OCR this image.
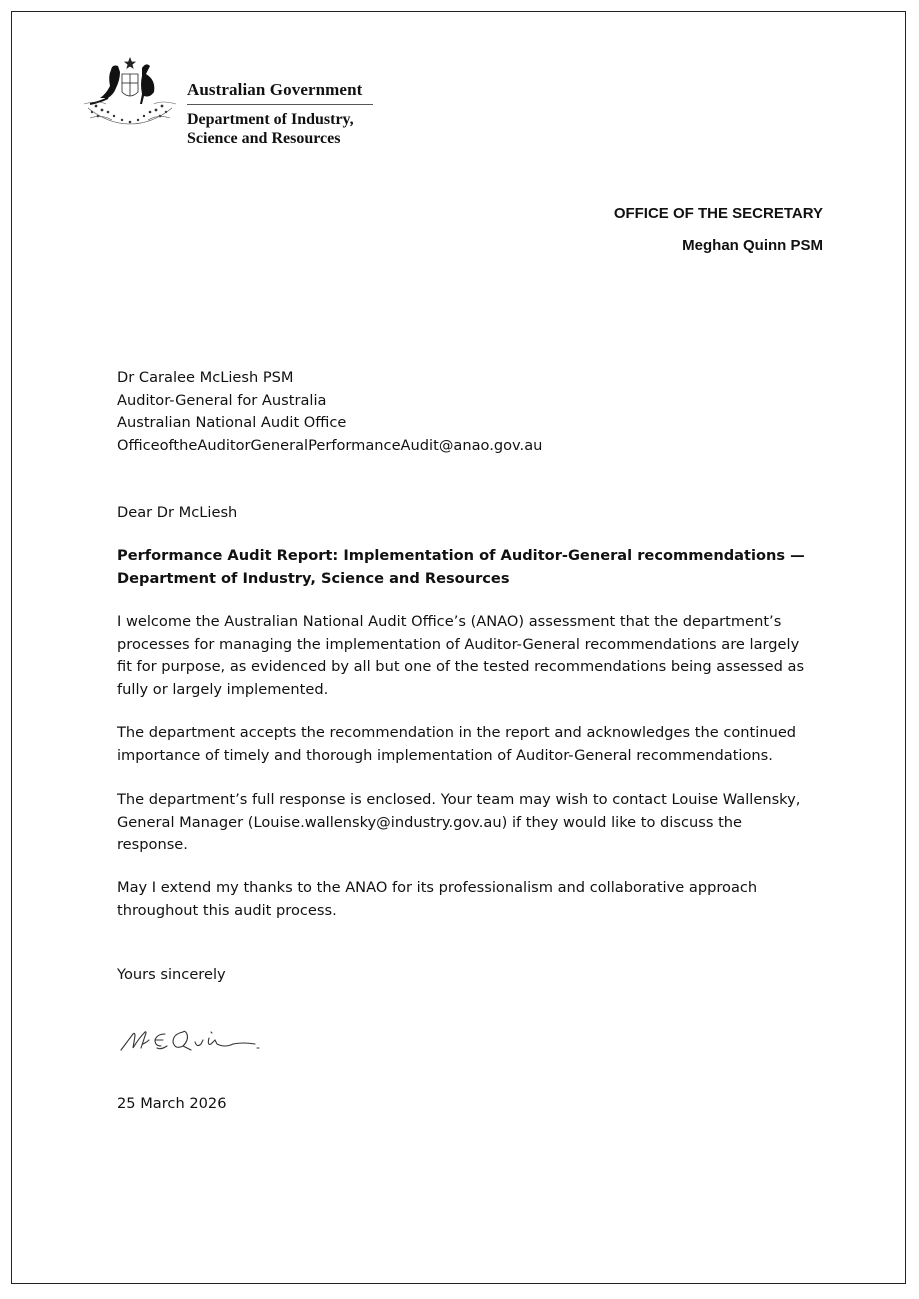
Australian Government
Department of Industry,
Science and Resources
OFFICE OF THE SECRETARY
Meghan Quinn PSM
Dr Caralee McLiesh PSM
Auditor-General for Australia
Australian National Audit Office
OfficeoftheAuditorGeneralPerformanceAudit@anao.gov.au
Dear Dr McLiesh
Performance Audit Report: Implementation of Auditor-General recommendations —
Department of Industry, Science and Resources
I welcome the Australian National Audit Office’s (ANAO) assessment that the department’s
processes for managing the implementation of Auditor-General recommendations are largely
fit for purpose, as evidenced by all but one of the tested recommendations being assessed as
fully or largely implemented.
The department accepts the recommendation in the report and acknowledges the continued
importance of timely and thorough implementation of Auditor-General recommendations.
The department’s full response is enclosed. Your team may wish to contact Louise Wallensky,
General Manager (Louise.wallensky@industry.gov.au) if they would like to discuss the
response.
May I extend my thanks to the ANAO for its professionalism and collaborative approach
throughout this audit process.
Yours sincerely
25 March 2026
